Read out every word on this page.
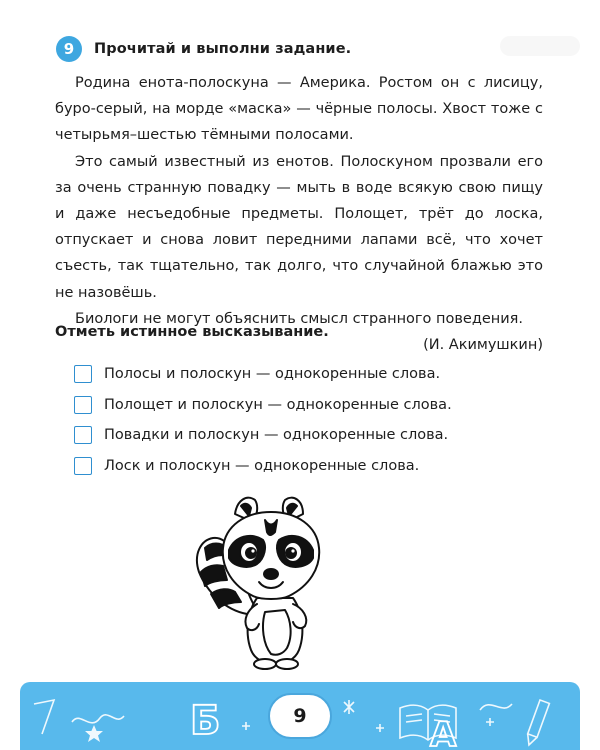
9	Прочитай и выполни задание.

Родина енота-полоскуна — Америка. Ростом он с лисицу, буро-серый, на морде «маска» — чёрные полосы. Хвост тоже с четырьмя–шестью тёмными полосами.

Это самый известный из енотов. Полоскуном прозвали его за очень странную повадку — мыть в воде всякую свою пищу и даже несъедобные предметы. Полощет, трёт до лоска, отпускает и снова ловит передними лапами всё, что хочет съесть, так тщательно, так долго, что случайной блажью это не назовёшь.

Биологи не могут объяснить смысл странного поведения.

(И. Акимушкин)
Отметь истинное высказывание.
Полосы и полоскун — однокоренные слова.
Полощет и полоскун — однокоренные слова.
Повадки и полоскун — однокоренные слова.
Лоск и полоскун — однокоренные слова.
Б	А
9
